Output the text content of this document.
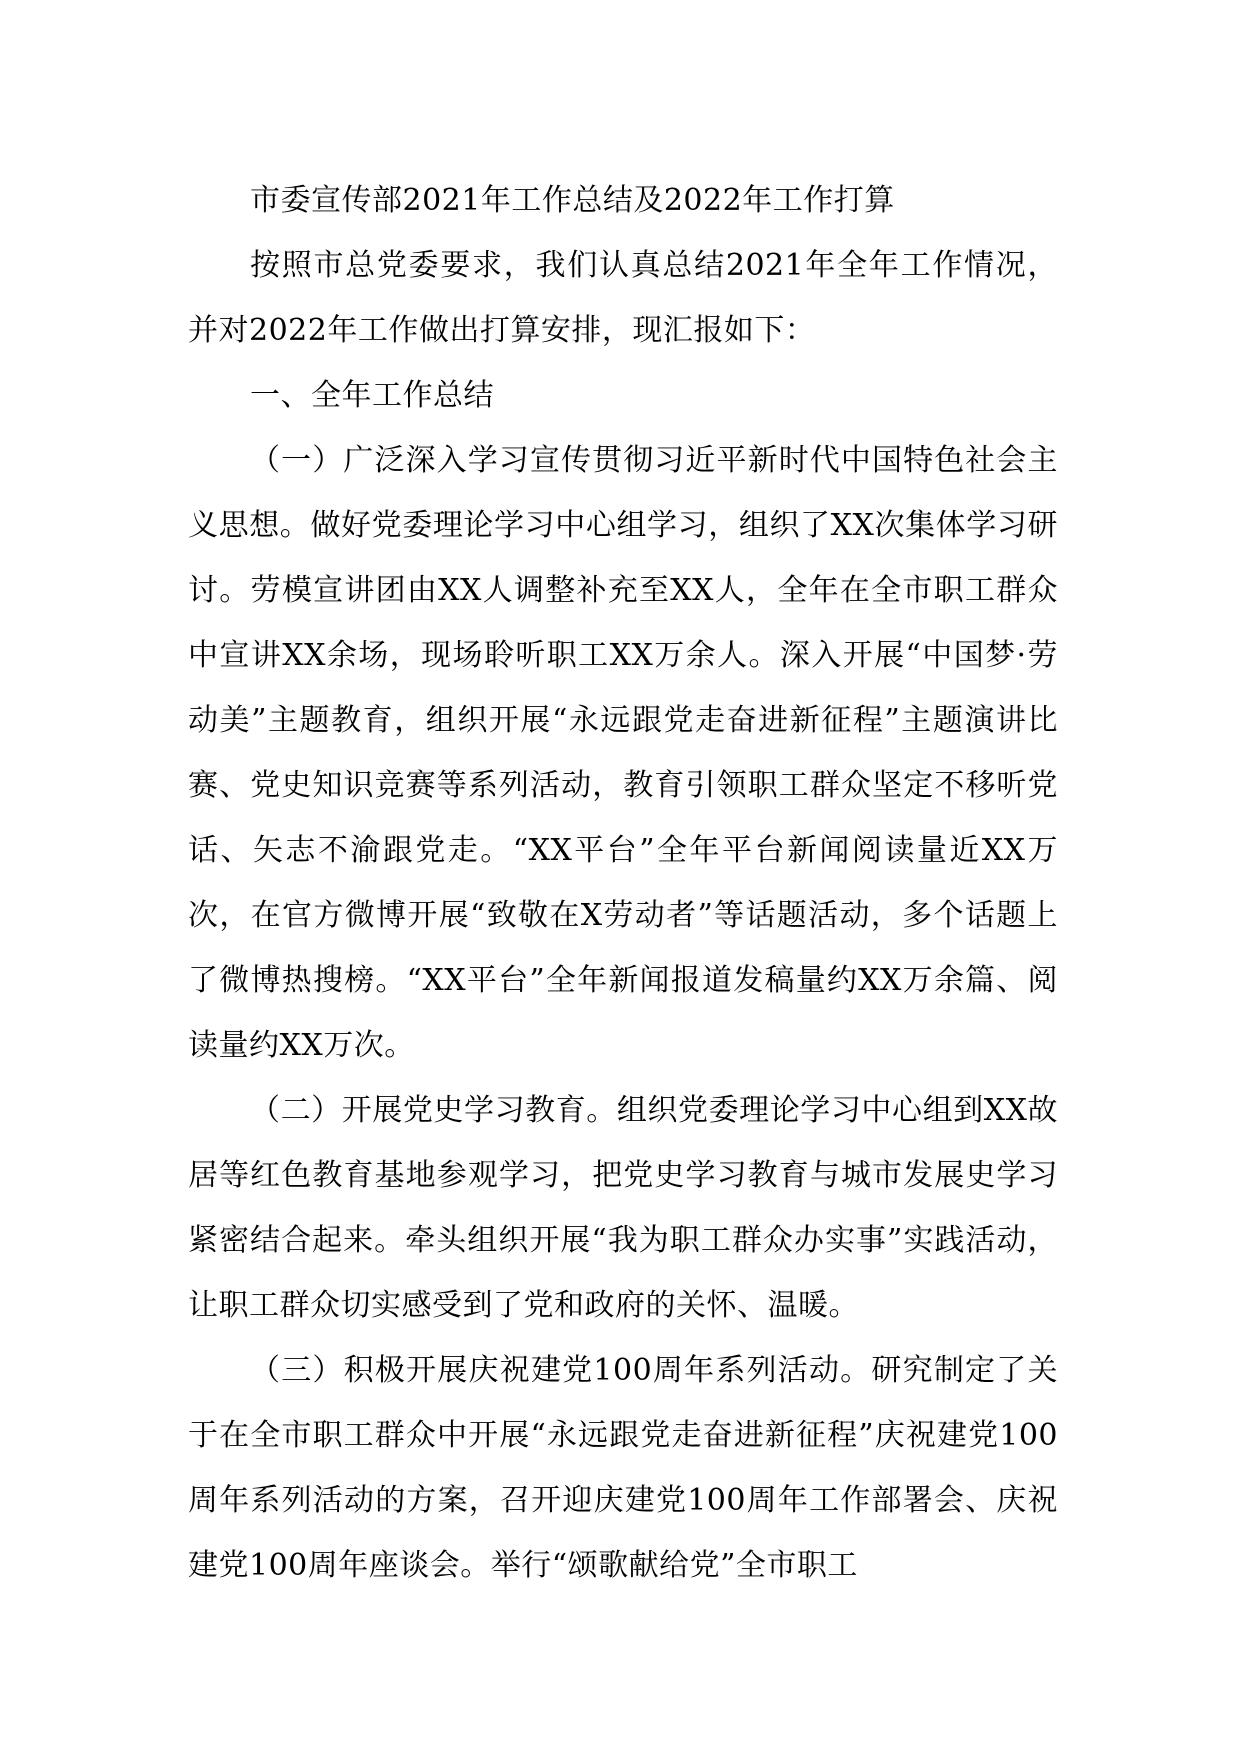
市委宣传部2021年工作总结及2022年工作打算

按照市总党委要求，我们认真总结2021年全年工作情况，并对2022年工作做出打算安排，现汇报如下：

一、全年工作总结

（一）广泛深入学习宣传贯彻习近平新时代中国特色社会主义思想。做好党委理论学习中心组学习，组织了XX次集体学习研讨。劳模宣讲团由XX人调整补充至XX人，全年在全市职工群众中宣讲XX余场，现场聆听职工XX万余人。深入开展“中国梦·劳动美”主题教育，组织开展“永远跟党走奋进新征程”主题演讲比赛、党史知识竞赛等系列活动，教育引领职工群众坚定不移听党话、矢志不渝跟党走。“XX平台”全年平台新闻阅读量近XX万次，在官方微博开展“致敬在X劳动者”等话题活动，多个话题上了微博热搜榜。“XX平台”全年新闻报道发稿量约XX万余篇、阅读量约XX万次。

（二）开展党史学习教育。组织党委理论学习中心组到XX故居等红色教育基地参观学习，把党史学习教育与城市发展史学习紧密结合起来。牵头组织开展“我为职工群众办实事”实践活动，让职工群众切实感受到了党和政府的关怀、温暖。

（三）积极开展庆祝建党100周年系列活动。研究制定了关于在全市职工群众中开展“永远跟党走奋进新征程”庆祝建党100周年系列活动的方案，召开迎庆建党100周年工作部署会、庆祝建党100周年座谈会。举行“颂歌献给党”全市职工
